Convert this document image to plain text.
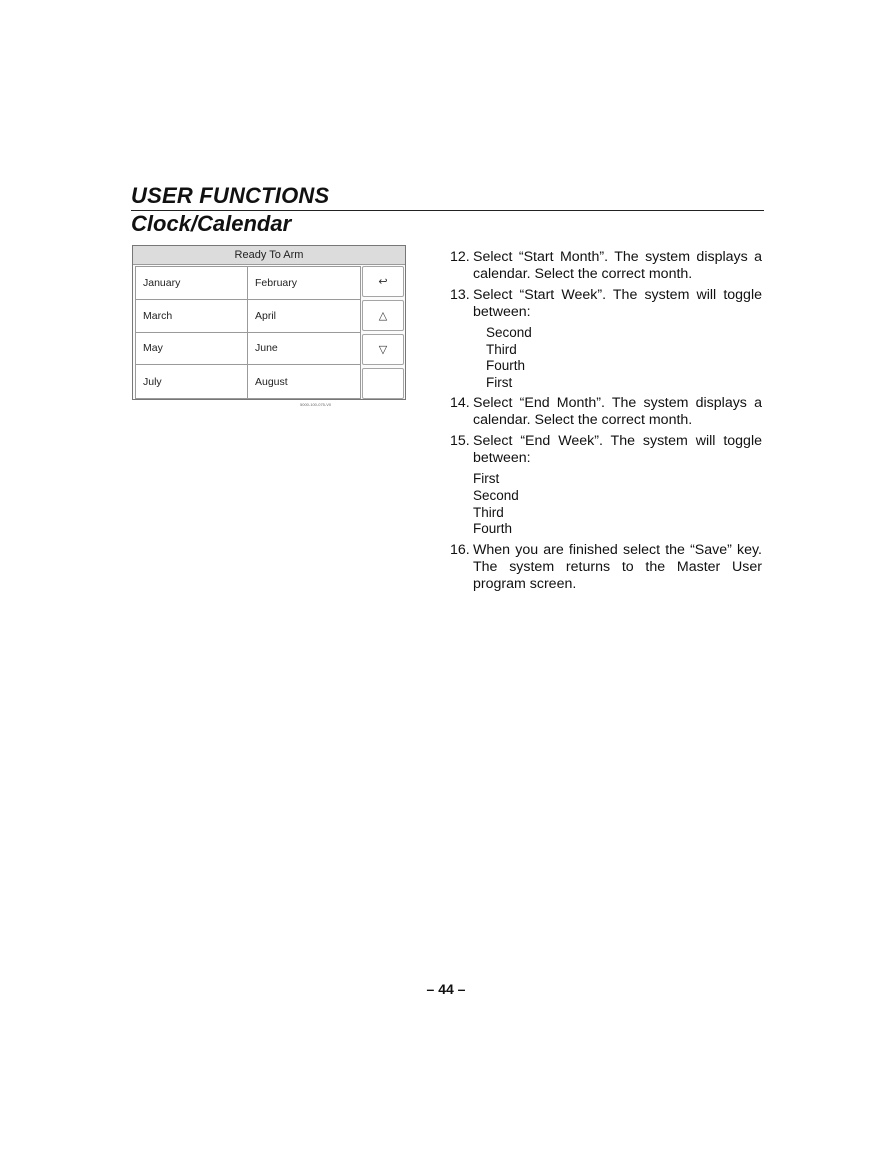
USER FUNCTIONS
Clock/Calendar
Ready To Arm
January	February
March	April
May	June
July	August
↩
△
▽
5000-100-075-V0
12. Select “Start Month”. The system displays a calendar. Select the correct month.
13. Select “Start Week”. The system will toggle between:
Second
Third
Fourth
First
14. Select “End Month”. The system displays a calendar. Select the correct month.
15. Select “End Week”. The system will toggle between:
First
Second
Third
Fourth
16. When you are finished select the “Save” key. The system returns to the Master User program screen.
– 44 –
